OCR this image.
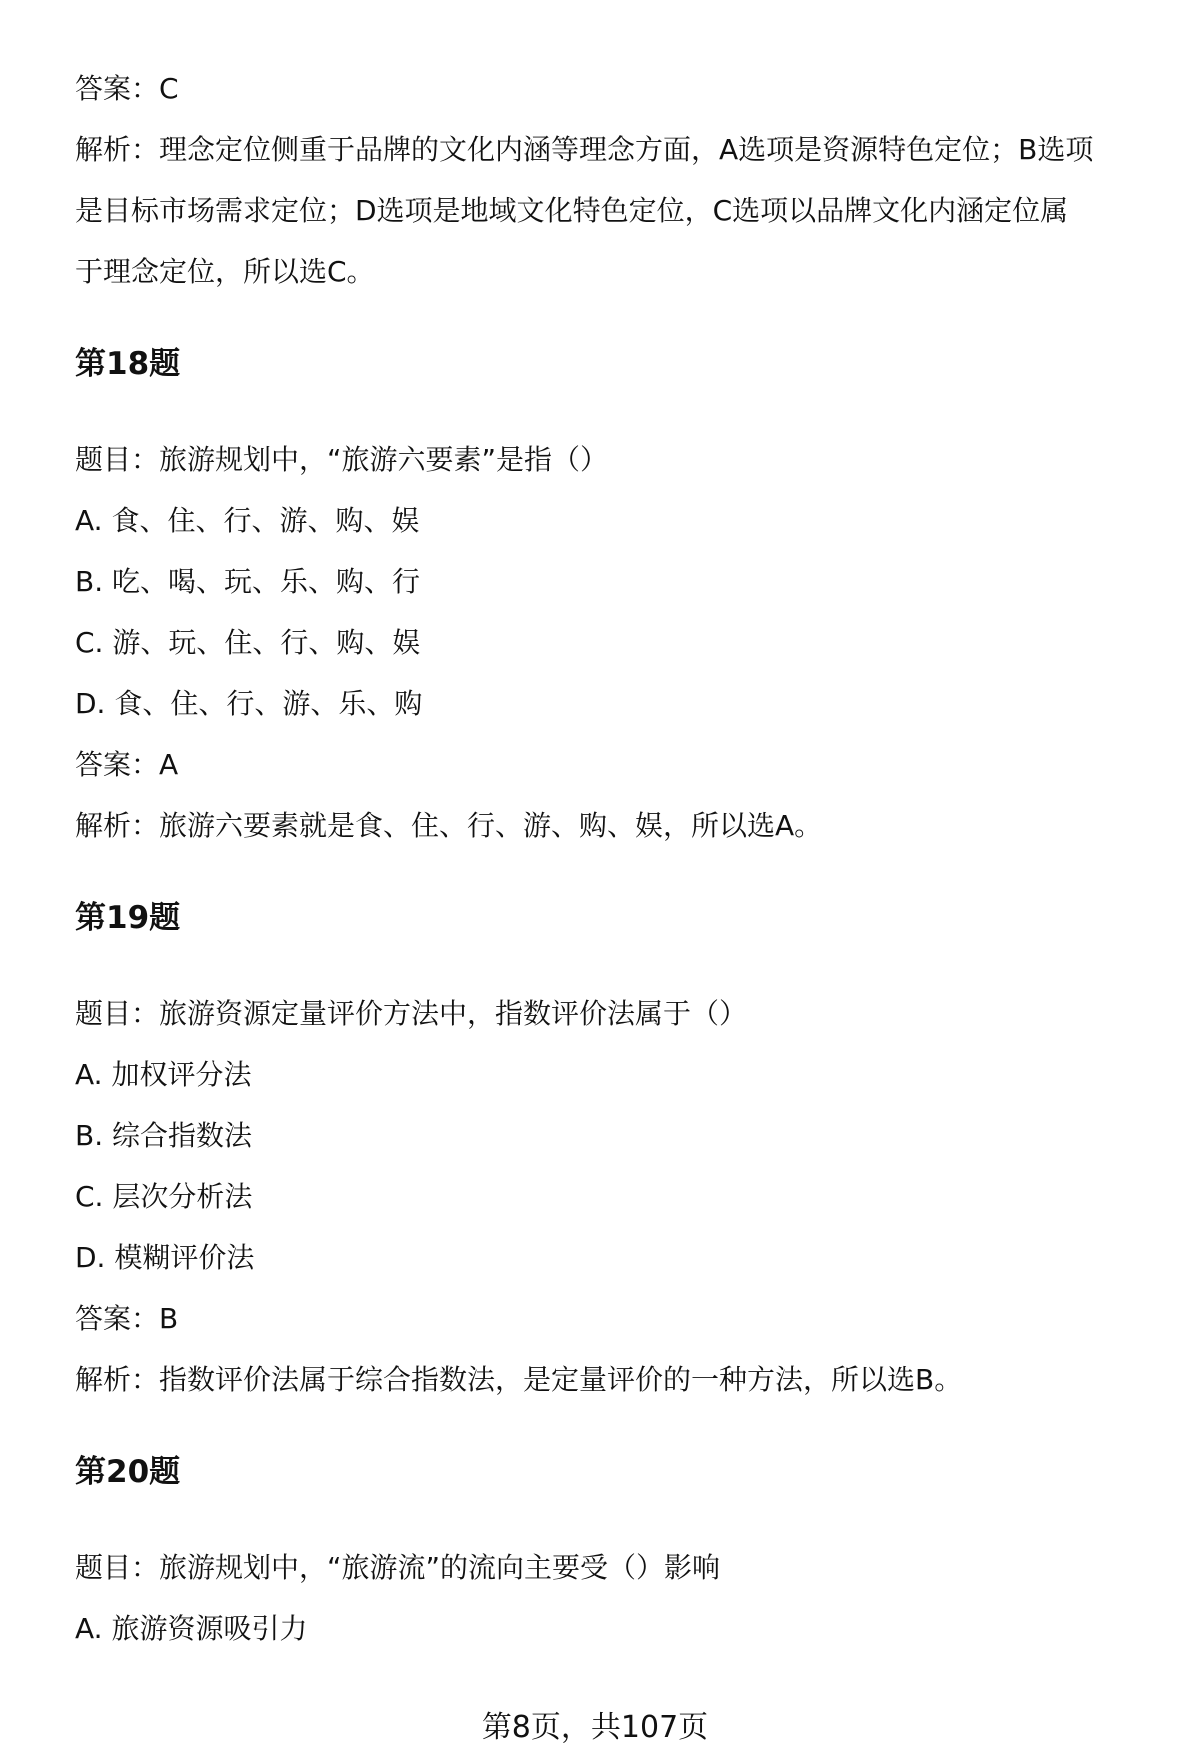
答案：C
解析：理念定位侧重于品牌的文化内涵等理念方面，A选项是资源特色定位；B选项
是目标市场需求定位；D选项是地域文化特色定位，C选项以品牌文化内涵定位属
于理念定位，所以选C。
第18题
题目：旅游规划中，“旅游六要素”是指（）
A. 食、住、行、游、购、娱
B. 吃、喝、玩、乐、购、行
C. 游、玩、住、行、购、娱
D. 食、住、行、游、乐、购
答案：A
解析：旅游六要素就是食、住、行、游、购、娱，所以选A。
第19题
题目：旅游资源定量评价方法中，指数评价法属于（）
A. 加权评分法
B. 综合指数法
C. 层次分析法
D. 模糊评价法
答案：B
解析：指数评价法属于综合指数法，是定量评价的一种方法，所以选B。
第20题
题目：旅游规划中，“旅游流”的流向主要受（）影响
A. 旅游资源吸引力
第8页，共107页
